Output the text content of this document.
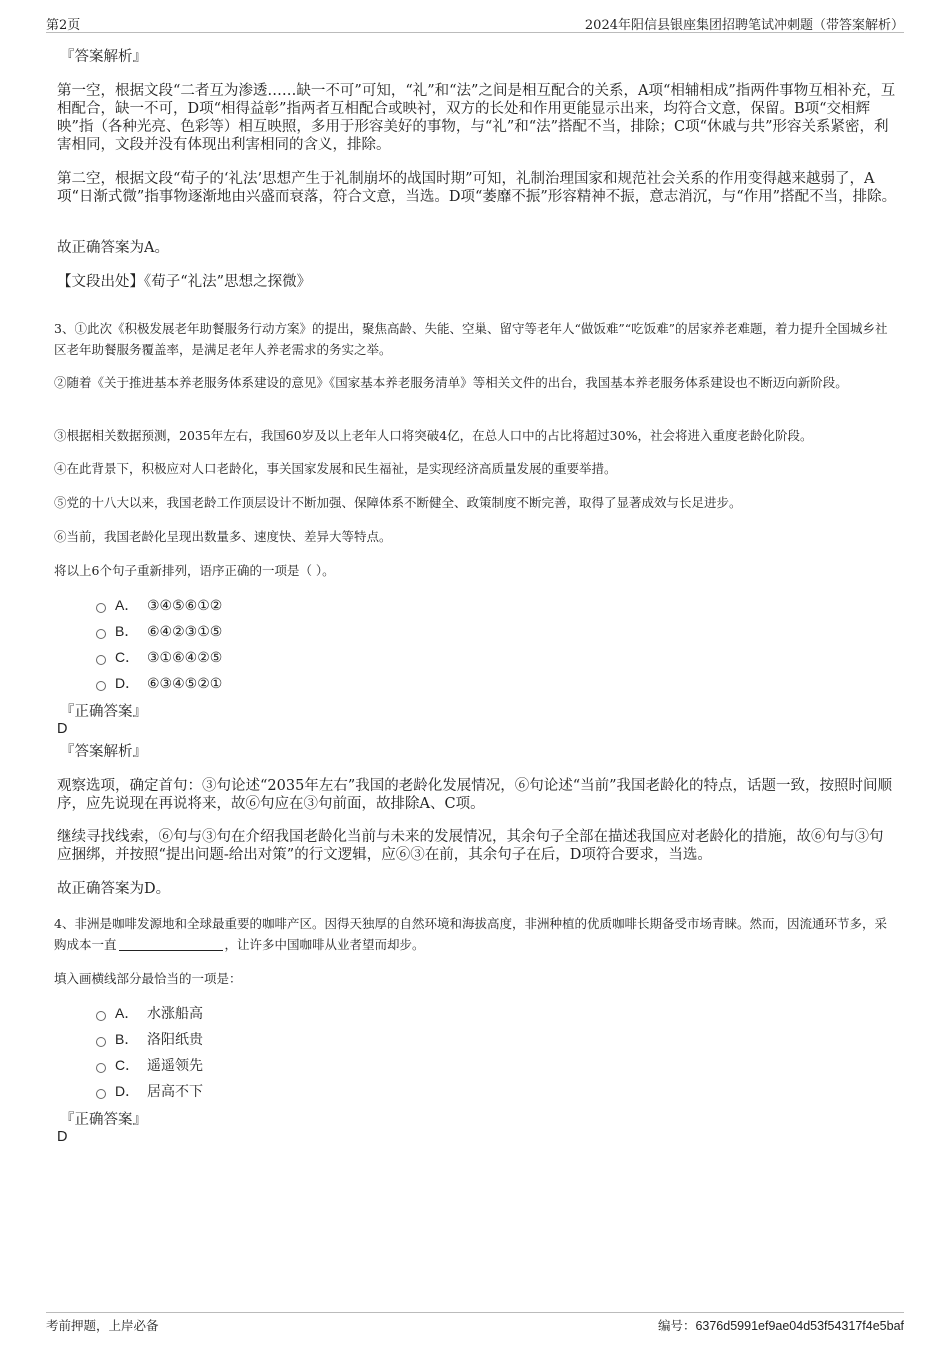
第2页	2024年阳信县银座集团招聘笔试冲刺题（带答案解析）
『答案解析』
第一空，根据文段“二者互为渗透……缺一不可”可知，“礼”和“法”之间是相互配合的关系，A项“相辅相成”指两件事物互相补充，互相配合，缺一不可，D项“相得益彰”指两者互相配合或映衬，双方的长处和作用更能显示出来，均符合文意，保留。B项“交相辉映”指（各种光亮、色彩等）相互映照，多用于形容美好的事物，与“礼”和“法”搭配不当，排除；C项“休戚与共”形容关系紧密，利害相同，文段并没有体现出利害相同的含义，排除。
第二空，根据文段“荀子的‘礼法’思想产生于礼制崩坏的战国时期”可知，礼制治理国家和规范社会关系的作用变得越来越弱了，A项“日渐式微”指事物逐渐地由兴盛而衰落，符合文意，当选。D项“萎靡不振”形容精神不振，意志消沉，与“作用”搭配不当，排除。
故正确答案为A。
【文段出处】《荀子“礼法”思想之探微》
3、①此次《积极发展老年助餐服务行动方案》的提出，聚焦高龄、失能、空巢、留守等老年人“做饭难”“吃饭难”的居家养老难题，着力提升全国城乡社区老年助餐服务覆盖率，是满足老年人养老需求的务实之举。
②随着《关于推进基本养老服务体系建设的意见》《国家基本养老服务清单》等相关文件的出台，我国基本养老服务体系建设也不断迈向新阶段。
③根据相关数据预测，2035年左右，我国60岁及以上老年人口将突破4亿，在总人口中的占比将超过30%，社会将进入重度老龄化阶段。
④在此背景下，积极应对人口老龄化，事关国家发展和民生福祉，是实现经济高质量发展的重要举措。
⑤党的十八大以来，我国老龄工作顶层设计不断加强、保障体系不断健全、政策制度不断完善，取得了显著成效与长足进步。
⑥当前，我国老龄化呈现出数量多、速度快、差异大等特点。
将以上6个句子重新排列，语序正确的一项是（ ）。
A． ③④⑤⑥①②
B． ⑥④②③①⑤
C． ③①⑥④②⑤
D． ⑥③④⑤②①
『正确答案』
D
『答案解析』
观察选项，确定首句：③句论述“2035年左右”我国的老龄化发展情况，⑥句论述“当前”我国老龄化的特点，话题一致，按照时间顺序，应先说现在再说将来，故⑥句应在③句前面，故排除A、C项。
继续寻找线索，⑥句与③句在介绍我国老龄化当前与未来的发展情况，其余句子全部在描述我国应对老龄化的措施，故⑥句与③句应捆绑，并按照“提出问题-给出对策”的行文逻辑，应⑥③在前，其余句子在后，D项符合要求，当选。
故正确答案为D。
4、非洲是咖啡发源地和全球最重要的咖啡产区。因得天独厚的自然环境和海拔高度，非洲种植的优质咖啡长期备受市场青睐。然而，因流通环节多，采购成本一直	，让许多中国咖啡从业者望而却步。
填入画横线部分最恰当的一项是：
A． 水涨船高
B． 洛阳纸贵
C． 遥遥领先
D． 居高不下
『正确答案』
D
考前押题，上岸必备	编号：6376d5991ef9ae04d53f54317f4e5baf
